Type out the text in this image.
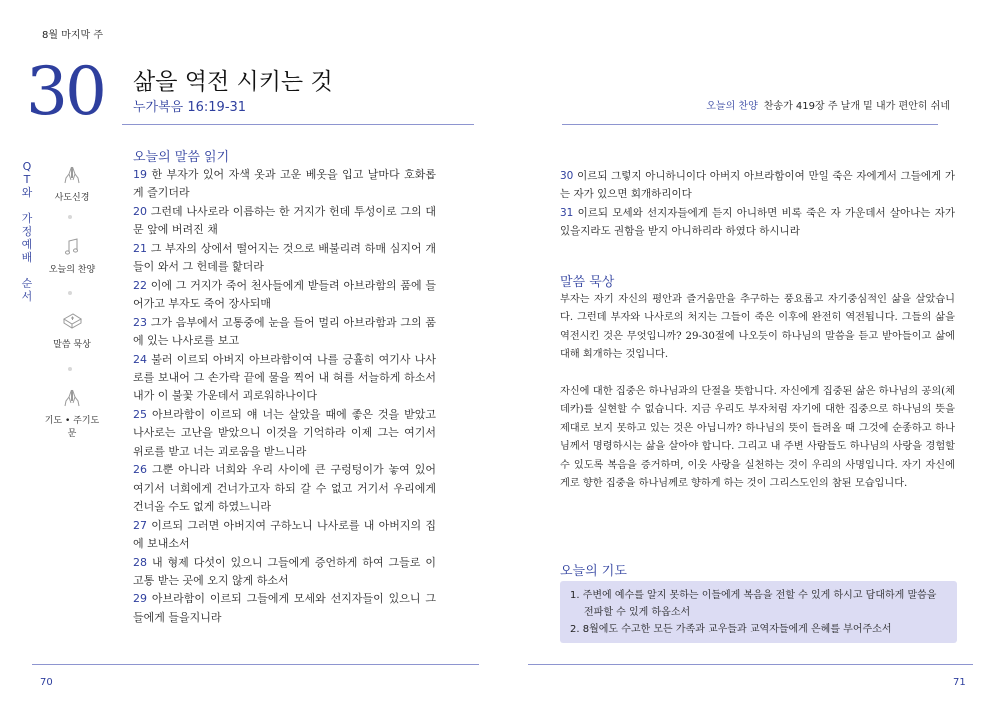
8월 마지막 주
30 삶을 역전 시키는 것
누가복음 16:19-31	오늘의 찬양 찬송가 419장 주 날개 밑 내가 편안히 쉬네
Q
T
와
가
정
예
배
순
서
사도신경
오늘의 찬양
말씀 묵상
기도 • 주기도문
오늘의 말씀 읽기

19 한 부자가 있어 자색 옷과 고운 베옷을 입고 날마다 호화롭게 즐기더라

20 그런데 나사로라 이름하는 한 거지가 헌데 투성이로 그의 대문 앞에 버려진 채

21 그 부자의 상에서 떨어지는 것으로 배불리려 하매 심지어 개들이 와서 그 헌데를 핥더라

22 이에 그 거지가 죽어 천사들에게 받들려 아브라함의 품에 들어가고 부자도 죽어 장사되매

23 그가 음부에서 고통중에 눈을 들어 멀리 아브라함과 그의 품에 있는 나사로를 보고

24 불러 이르되 아버지 아브라함이여 나를 긍휼히 여기사 나사로를 보내어 그 손가락 끝에 물을 찍어 내 혀를 서늘하게 하소서 내가 이 불꽃 가운데서 괴로워하나이다

25 아브라함이 이르되 얘 너는 살았을 때에 좋은 것을 받았고 나사로는 고난을 받았으니 이것을 기억하라 이제 그는 여기서 위로를 받고 너는 괴로움을 받느니라

26 그뿐 아니라 너희와 우리 사이에 큰 구렁텅이가 놓여 있어 여기서 너희에게 건너가고자 하되 갈 수 없고 거기서 우리에게 건너올 수도 없게 하였느니라

27 이르되 그러면 아버지여 구하노니 나사로를 내 아버지의 집에 보내소서

28 내 형제 다섯이 있으니 그들에게 증언하게 하여 그들로 이 고통 받는 곳에 오지 않게 하소서

29 아브라함이 이르되 그들에게 모세와 선지자들이 있으니 그들에게 들을지니라

30 이르되 그렇지 아니하니이다 아버지 아브라함이여 만일 죽은 자에게서 그들에게 가는 자가 있으면 회개하리이다

31 이르되 모세와 선지자들에게 듣지 아니하면 비록 죽은 자 가운데서 살아나는 자가 있을지라도 권함을 받지 아니하리라 하였다 하시니라

말씀 묵상

부자는 자기 자신의 평안과 즐거움만을 추구하는 풍요롭고 자기중심적인 삶을 살았습니다. 그런데 부자와 나사로의 처지는 그들이 죽은 이후에 완전히 역전됩니다. 그들의 삶을 역전시킨 것은 무엇입니까? 29-30절에 나오듯이 하나님의 말씀을 듣고 받아들이고 삶에 대해 회개하는 것입니다.

자신에 대한 집중은 하나님과의 단절을 뜻합니다. 자신에게 집중된 삶은 하나님의 공의(체데카)를 실현할 수 없습니다. 지금 우리도 부자처럼 자기에 대한 집중으로 하나님의 뜻을 제대로 보지 못하고 있는 것은 아닙니까? 하나님의 뜻이 들려올 때 그것에 순종하고 하나님께서 명령하시는 삶을 살아야 합니다. 그리고 내 주변 사람들도 하나님의 사랑을 경험할 수 있도록 복음을 증거하며, 이웃 사랑을 실천하는 것이 우리의 사명입니다. 자기 자신에게로 향한 집중을 하나님께로 향하게 하는 것이 그리스도인의 참된 모습입니다.

오늘의 기도
1. 주변에 예수를 알지 못하는 이들에게 복음을 전할 수 있게 하시고 담대하게 말씀을 전파할 수 있게 하옵소서
2. 8월에도 수고한 모든 가족과 교우들과 교역자들에게 은혜를 부어주소서
70	71
